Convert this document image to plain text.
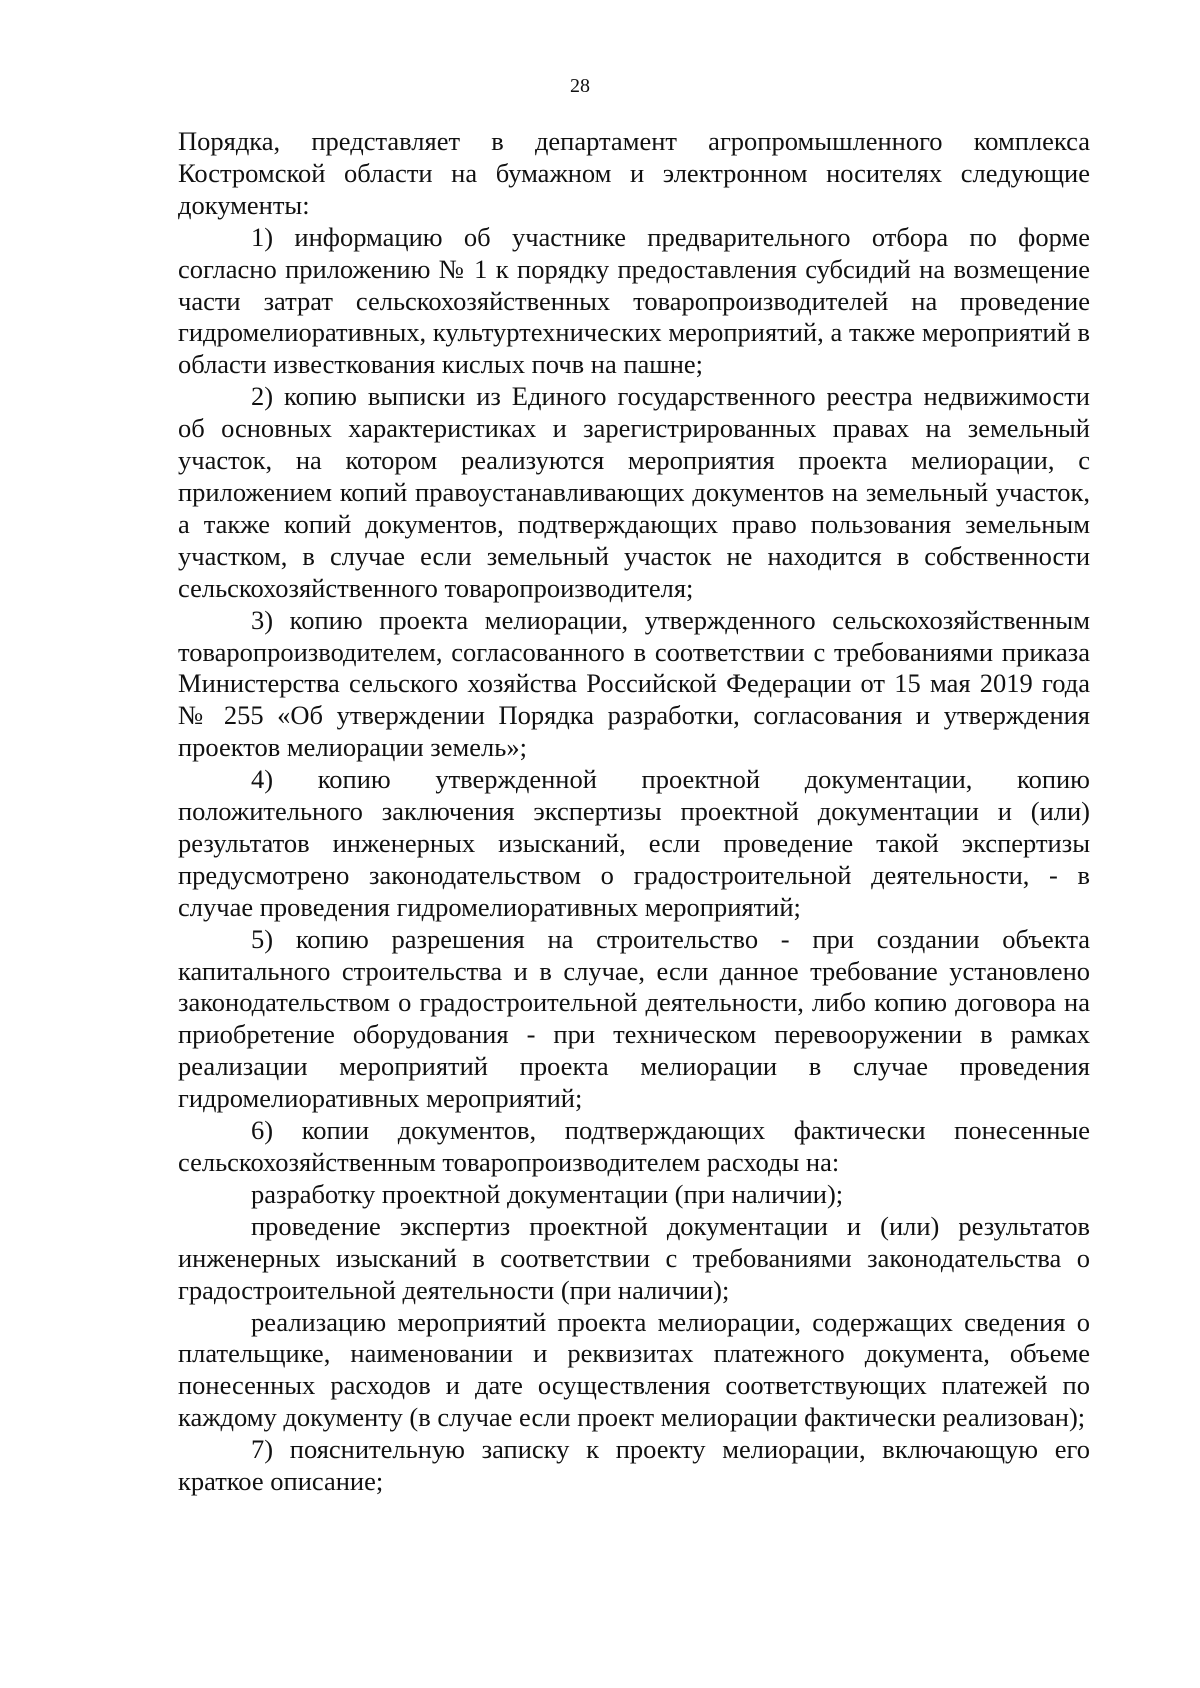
28

Порядка, представляет в департамент агропромышленного комплекса Костромской области на бумажном и электронном носителях следующие документы:

1) информацию об участнике предварительного отбора по форме согласно приложению № 1 к порядку предоставления субсидий на возмещение части затрат сельскохозяйственных товаропроизводителей на проведение гидромелиоративных, культуртехнических мероприятий, а также мероприятий в области известкования кислых почв на пашне;

2) копию выписки из Единого государственного реестра недвижимости об основных характеристиках и зарегистрированных правах на земельный участок, на котором реализуются мероприятия проекта мелиорации, с приложением копий правоустанавливающих документов на земельный участок, а также копий документов, подтверждающих право пользования земельным участком, в случае если земельный участок не находится в собственности сельскохозяйственного товаропроизводителя;

3) копию проекта мелиорации, утвержденного сельскохозяйственным товаропроизводителем, согласованного в соответствии с требованиями приказа Министерства сельского хозяйства Российской Федерации от 15 мая 2019 года № 255 «Об утверждении Порядка разработки, согласования и утверждения проектов мелиорации земель»;

4) копию утвержденной проектной документации, копию положительного заключения экспертизы проектной документации и (или) результатов инженерных изысканий, если проведение такой экспертизы предусмотрено законодательством о градостроительной деятельности, - в случае проведения гидромелиоративных мероприятий;

5) копию разрешения на строительство - при создании объекта капитального строительства и в случае, если данное требование установлено законодательством о градостроительной деятельности, либо копию договора на приобретение оборудования - при техническом перевооружении в рамках реализации мероприятий проекта мелиорации в случае проведения гидромелиоративных мероприятий;

6) копии документов, подтверждающих фактически понесенные сельскохозяйственным товаропроизводителем расходы на:

разработку проектной документации (при наличии);

проведение экспертиз проектной документации и (или) результатов инженерных изысканий в соответствии с требованиями законодательства о градостроительной деятельности (при наличии);

реализацию мероприятий проекта мелиорации, содержащих сведения о плательщике, наименовании и реквизитах платежного документа, объеме понесенных расходов и дате осуществления соответствующих платежей по каждому документу (в случае если проект мелиорации фактически реализован);

7) пояснительную записку к проекту мелиорации, включающую его краткое описание;
